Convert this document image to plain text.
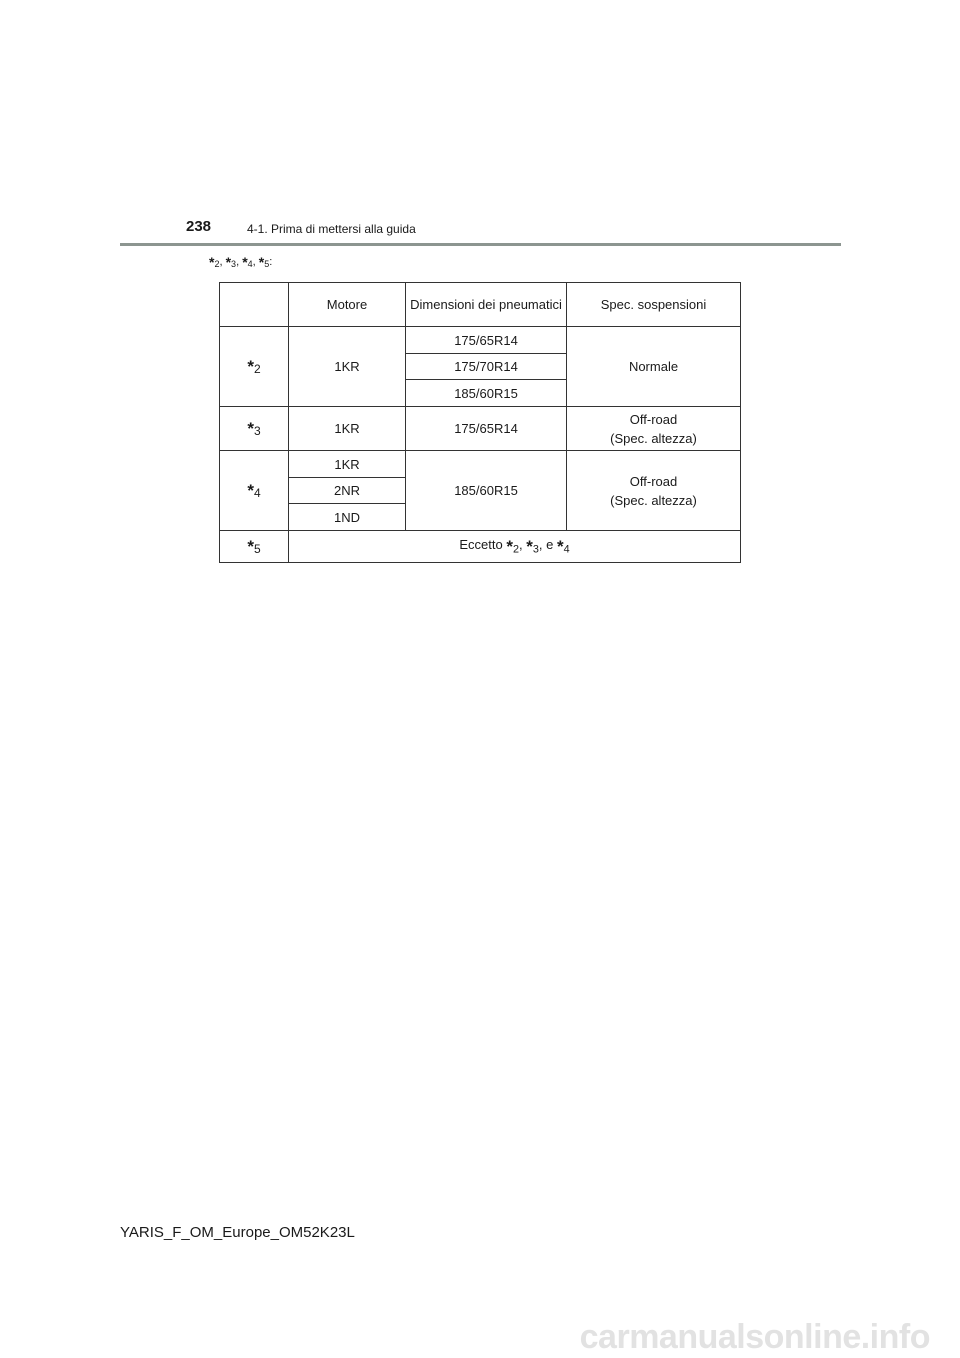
238	4-1. Prima di mettersi alla guida
$*_2$, $*_3$, $*_4$, $*_5$:
	Motore	Dimensioni dei pneumatici	Spec. sospensioni
$*_2$	1KR	175/65R14	Normale
		175/70R14	
		185/60R15	
$*_3$	1KR	175/65R14	Off-road
(Spec. altezza)
$*_4$	1KR	185/60R15	Off-road
(Spec. altezza)
	2NR		
	1ND		
$*_5$	Eccetto $*_2$, $*_3$, e $*_4$
YARIS_F_OM_Europe_OM52K23L
carmanualsonline.info
